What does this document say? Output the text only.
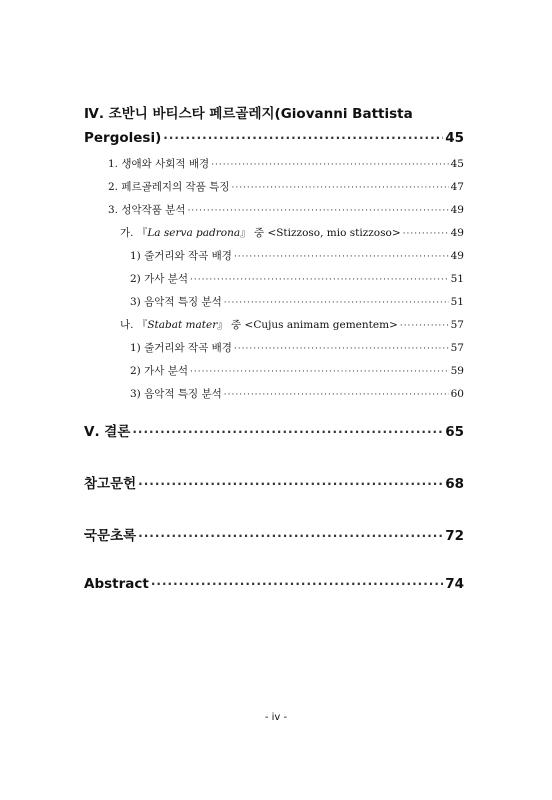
Ⅳ. 조반니 바티스타 페르골레지(Giovanni Battista
Pergolesi) ·····	45
1. 생애와 사회적 배경 ·····	45
2. 페르골레지의 작품 특징 ·····	47
3. 성악작품 분석 ·····	49
가. 『La serva padrona』 중 <Stizzoso, mio stizzoso> ·····	49
1) 줄거리와 작곡 배경 ·····	49
2) 가사 분석 ·····	51
3) 음악적 특징 분석 ·····	51
나. 『Stabat mater』 중 <Cujus animam gementem> ·····	57
1) 줄거리와 작곡 배경 ·····	57
2) 가사 분석 ·····	59
3) 음악적 특징 분석 ·····	60
Ⅴ. 결론 ·····	65
참고문헌 ·····	68
국문초록 ·····	72
Abstract ·····	74
- iv -
